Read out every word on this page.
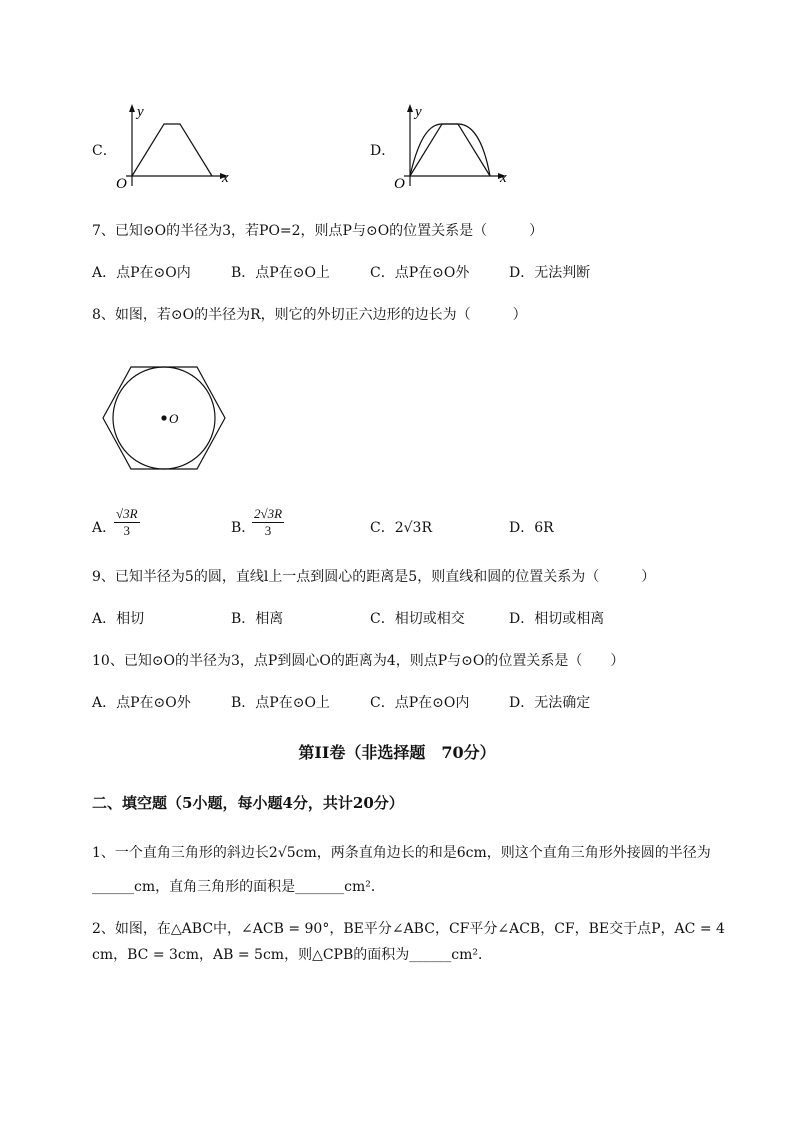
C．
y
x
O
D．
y
x
O
7、已知⊙O的半径为3，若PO=2，则点P与⊙O的位置关系是（　　　）
A．点P在⊙O内	B．点P在⊙O上	C．点P在⊙O外	D．无法判断
8、如图，若⊙O的半径为R，则它的外切正六边形的边长为（　　　）
O
A．
$\frac{√3R}{3}$	B．
$\frac{2√3R}{3}$	C．2√3R	D．6R
9、已知半径为5的圆，直线l上一点到圆心的距离是5，则直线和圆的位置关系为（　　　）
A．相切	B．相离	C．相切或相交	D．相切或相离
10、已知⊙O的半径为3，点P到圆心O的距离为4，则点P与⊙O的位置关系是（　　）
A．点P在⊙O外	B．点P在⊙O上	C．点P在⊙O内	D．无法确定
第II卷（非选择题　70分）
二、填空题（5小题，每小题4分，共计20分）
1、一个直角三角形的斜边长2√5cm，两条直角边长的和是6cm，则这个直角三角形外接圆的半径为
______cm，直角三角形的面积是_______cm²．
2、如图，在△ABC中，∠ACB = 90°，BE平分∠ABC，CF平分∠ACB，CF，BE交于点P，AC = 4
cm，BC = 3cm，AB = 5cm，则△CPB的面积为______cm²．
